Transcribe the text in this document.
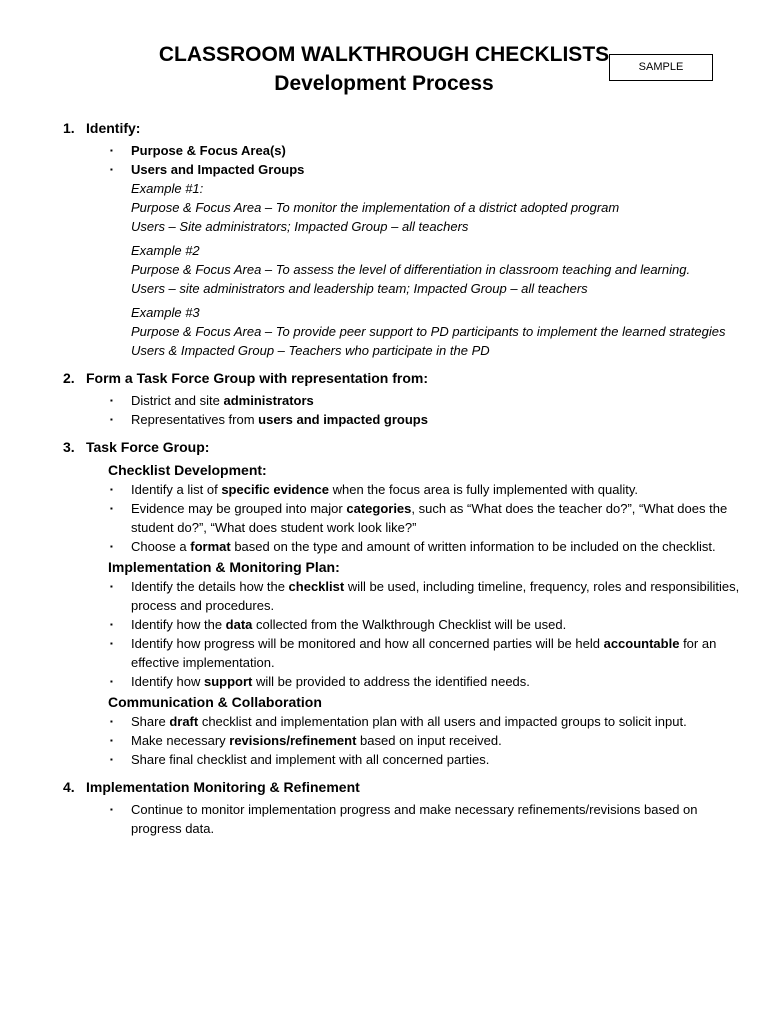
CLASSROOM WALKTHROUGH CHECKLISTS
Development Process
SAMPLE
1. Identify:
▪ Purpose & Focus Area(s)
▪ Users and Impacted Groups
Example #1:
Purpose & Focus Area – To monitor the implementation of a district adopted program
Users – Site administrators; Impacted Group – all teachers
Example #2
Purpose & Focus Area – To assess the level of differentiation in classroom teaching and learning.
Users – site administrators and leadership team; Impacted Group – all teachers
Example #3
Purpose & Focus Area – To provide peer support to PD participants to implement the learned strategies
Users & Impacted Group – Teachers who participate in the PD
2. Form a Task Force Group with representation from:
▪ District and site administrators
▪ Representatives from users and impacted groups
3. Task Force Group:
Checklist Development:
▪ Identify a list of specific evidence when the focus area is fully implemented with quality.
▪ Evidence may be grouped into major categories, such as “What does the teacher do?”, “What does the student do?”, “What does student work look like?”
▪ Choose a format based on the type and amount of written information to be included on the checklist.
Implementation & Monitoring Plan:
▪ Identify the details how the checklist will be used, including timeline, frequency, roles and responsibilities, process and procedures.
▪ Identify how the data collected from the Walkthrough Checklist will be used.
▪ Identify how progress will be monitored and how all concerned parties will be held accountable for an effective implementation.
▪ Identify how support will be provided to address the identified needs.
Communication & Collaboration
▪ Share draft checklist and implementation plan with all users and impacted groups to solicit input.
▪ Make necessary revisions/refinement based on input received.
▪ Share final checklist and implement with all concerned parties.
4. Implementation Monitoring & Refinement
▪ Continue to monitor implementation progress and make necessary refinements/revisions based on progress data.
